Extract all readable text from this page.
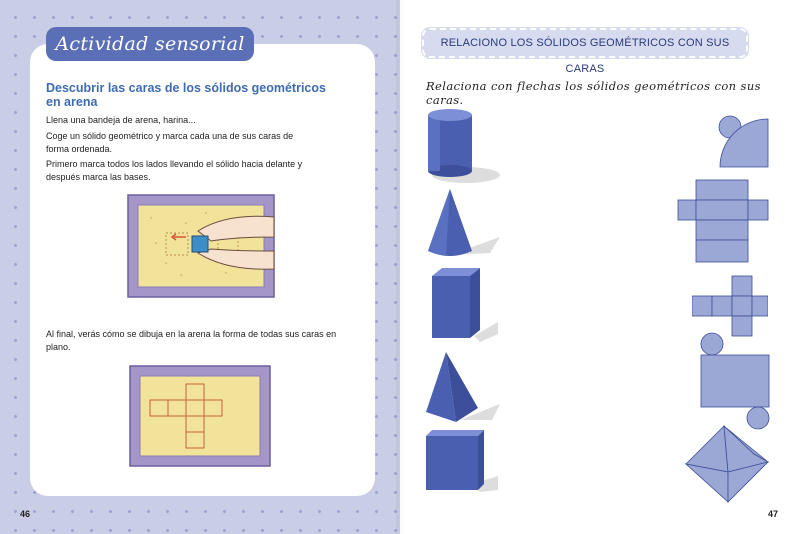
Actividad sensorial
Descubrir las caras de los sólidos geométricos en arena
Llena una bandeja de arena, harina...
Coge un sólido geométrico y marca cada una de sus caras de forma ordenada.
Primero marca todos los lados llevando el sólido hacia delante y después marca las bases.
Al final, verás cómo se dibuja en la arena la forma de todas sus caras en plano.
46
RELACIONO LOS SÓLIDOS GEOMÉTRICOS CON SUS CARAS
Relaciona con flechas los sólidos geométricos con sus caras.
47
